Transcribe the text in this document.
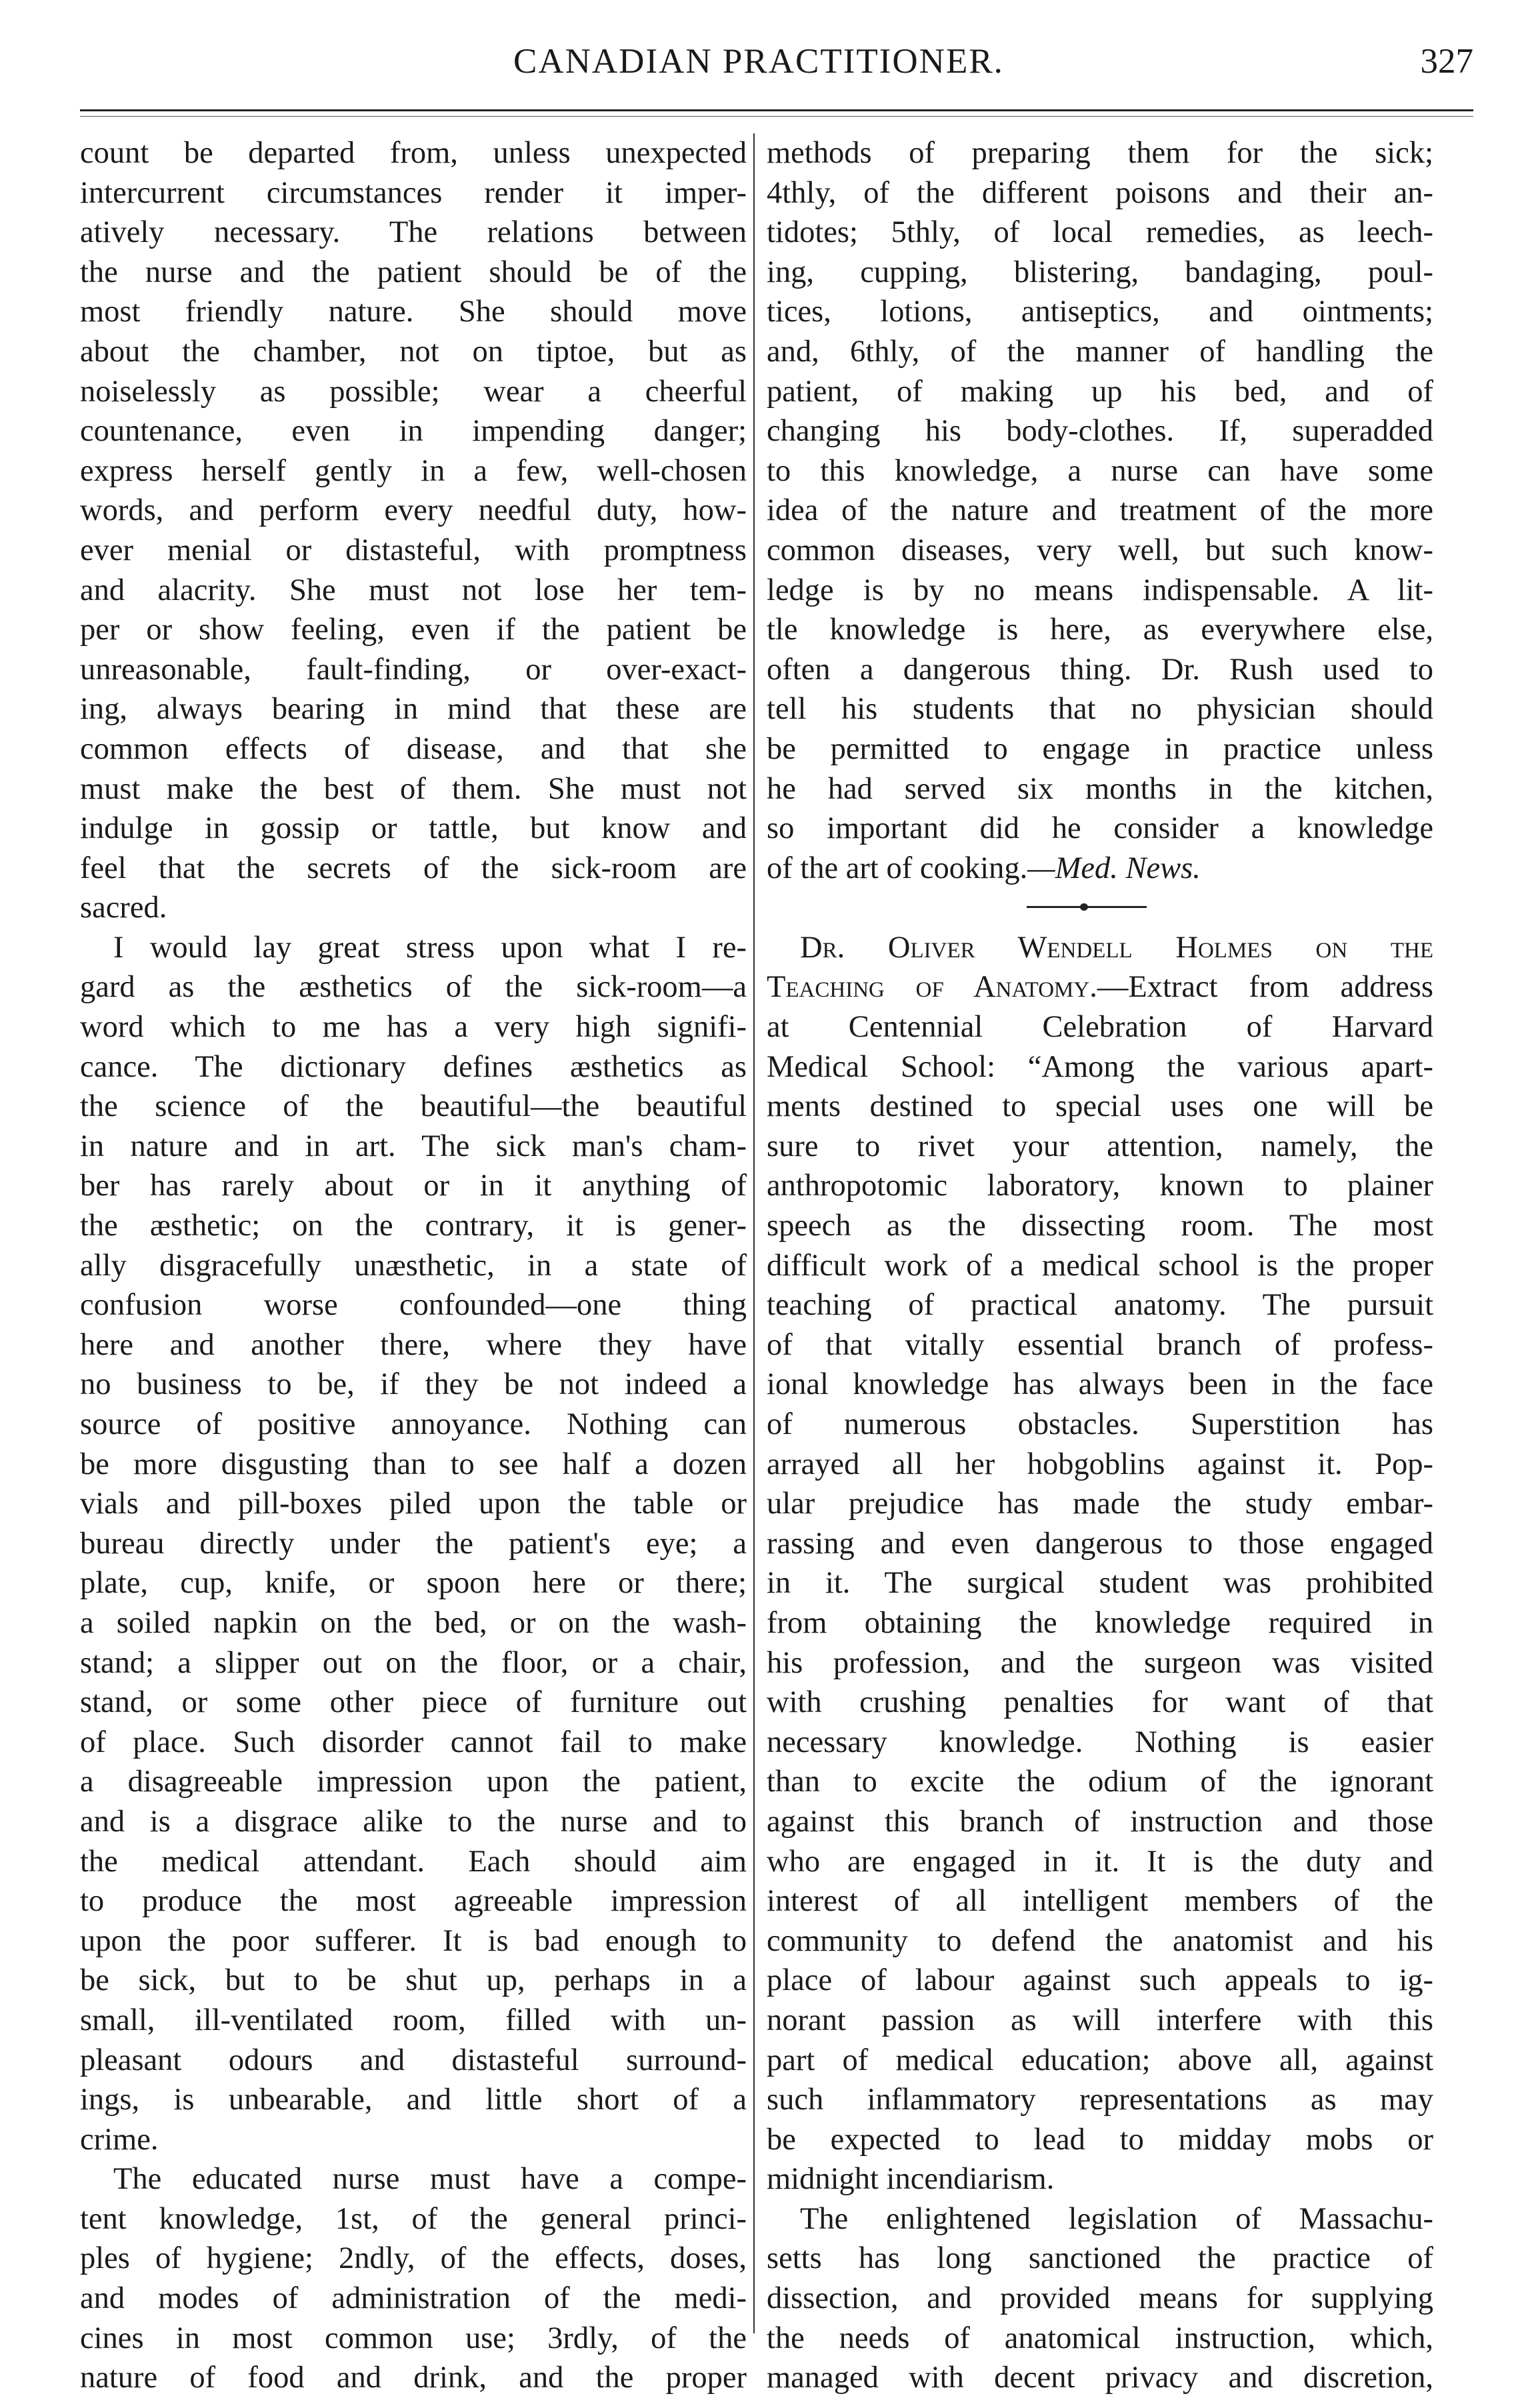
CANADIAN PRACTITIONER.	327
count be departed from, unless unexpected
intercurrent circumstances render it imper-
atively necessary. The relations between
the nurse and the patient should be of the
most friendly nature. She should move
about the chamber, not on tiptoe, but as
noiselessly as possible; wear a cheerful
countenance, even in impending danger;
express herself gently in a few, well-chosen
words, and perform every needful duty, how-
ever menial or distasteful, with promptness
and alacrity. She must not lose her tem-
per or show feeling, even if the patient be
unreasonable, fault-finding, or over-exact-
ing, always bearing in mind that these are
common effects of disease, and that she
must make the best of them. She must not
indulge in gossip or tattle, but know and
feel that the secrets of the sick-room are
sacred.
I would lay great stress upon what I re-
gard as the æsthetics of the sick-room—a
word which to me has a very high signifi-
cance. The dictionary defines æsthetics as
the science of the beautiful—the beautiful
in nature and in art. The sick man's cham-
ber has rarely about or in it anything of
the æsthetic; on the contrary, it is gener-
ally disgracefully unæsthetic, in a state of
confusion worse confounded—one thing
here and another there, where they have
no business to be, if they be not indeed a
source of positive annoyance. Nothing can
be more disgusting than to see half a dozen
vials and pill-boxes piled upon the table or
bureau directly under the patient's eye; a
plate, cup, knife, or spoon here or there;
a soiled napkin on the bed, or on the wash-
stand; a slipper out on the floor, or a chair,
stand, or some other piece of furniture out
of place. Such disorder cannot fail to make
a disagreeable impression upon the patient,
and is a disgrace alike to the nurse and to
the medical attendant. Each should aim
to produce the most agreeable impression
upon the poor sufferer. It is bad enough to
be sick, but to be shut up, perhaps in a
small, ill-ventilated room, filled with un-
pleasant odours and distasteful surround-
ings, is unbearable, and little short of a
crime.
The educated nurse must have a compe-
tent knowledge, 1st, of the general princi-
ples of hygiene; 2ndly, of the effects, doses,
and modes of administration of the medi-
cines in most common use; 3rdly, of the
nature of food and drink, and the proper
methods of preparing them for the sick;
4thly, of the different poisons and their an-
tidotes; 5thly, of local remedies, as leech-
ing, cupping, blistering, bandaging, poul-
tices, lotions, antiseptics, and ointments;
and, 6thly, of the manner of handling the
patient, of making up his bed, and of
changing his body-clothes. If, superadded
to this knowledge, a nurse can have some
idea of the nature and treatment of the more
common diseases, very well, but such know-
ledge is by no means indispensable. A lit-
tle knowledge is here, as everywhere else,
often a dangerous thing. Dr. Rush used to
tell his students that no physician should
be permitted to engage in practice unless
he had served six months in the kitchen,
so important did he consider a knowledge
of the art of cooking.—Med. News.
Dr. Oliver Wendell Holmes on the
Teaching of Anatomy.—Extract from address
at Centennial Celebration of Harvard
Medical School: “Among the various apart-
ments destined to special uses one will be
sure to rivet your attention, namely, the
anthropotomic laboratory, known to plainer
speech as the dissecting room. The most
difficult work of a medical school is the proper
teaching of practical anatomy. The pursuit
of that vitally essential branch of profess-
ional knowledge has always been in the face
of numerous obstacles. Superstition has
arrayed all her hobgoblins against it. Pop-
ular prejudice has made the study embar-
rassing and even dangerous to those engaged
in it. The surgical student was prohibited
from obtaining the knowledge required in
his profession, and the surgeon was visited
with crushing penalties for want of that
necessary knowledge. Nothing is easier
than to excite the odium of the ignorant
against this branch of instruction and those
who are engaged in it. It is the duty and
interest of all intelligent members of the
community to defend the anatomist and his
place of labour against such appeals to ig-
norant passion as will interfere with this
part of medical education; above all, against
such inflammatory representations as may
be expected to lead to midday mobs or
midnight incendiarism.
The enlightened legislation of Massachu-
setts has long sanctioned the practice of
dissection, and provided means for supplying
the needs of anatomical instruction, which,
managed with decent privacy and discretion,
